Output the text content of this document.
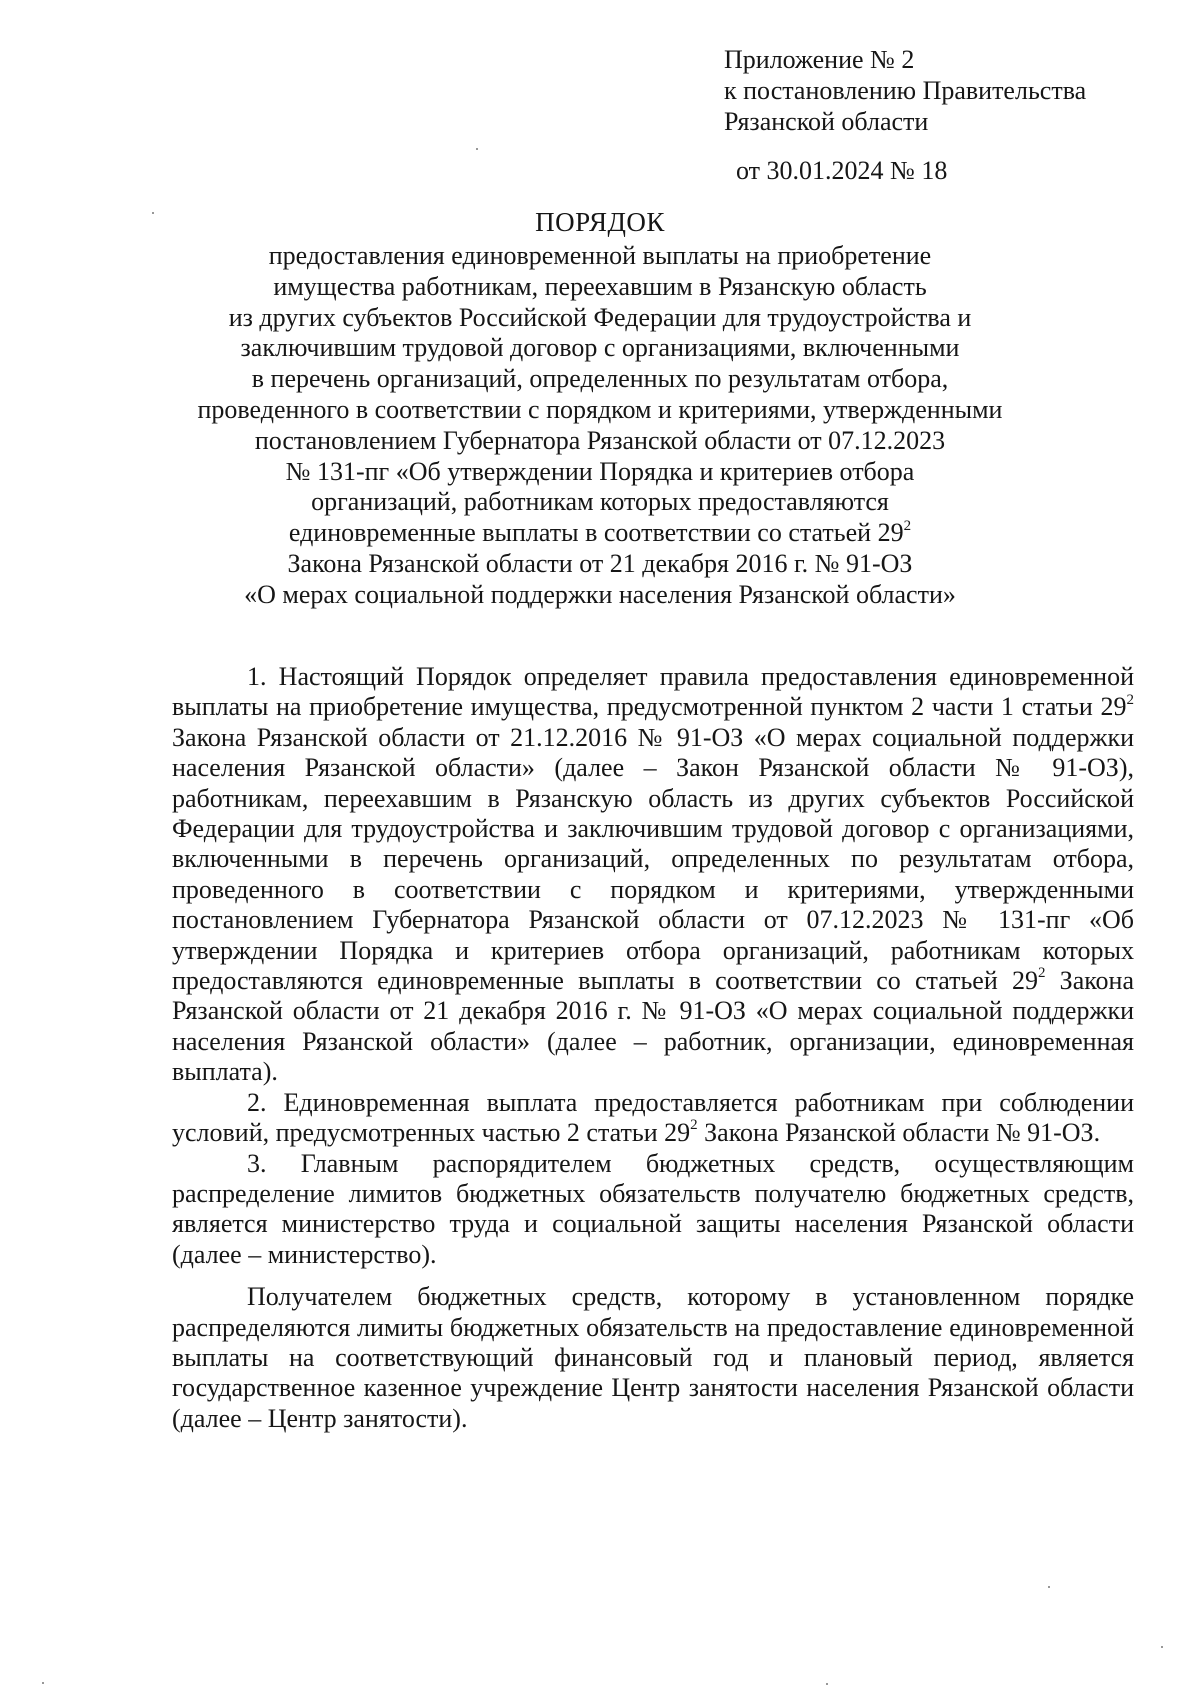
Приложение № 2
к постановлению Правительства
Рязанской области
от 30.01.2024 № 18
ПОРЯДОК
предоставления единовременной выплаты на приобретение
имущества работникам, переехавшим в Рязанскую область
из других субъектов Российской Федерации для трудоустройства и
заключившим трудовой договор с организациями, включенными
в перечень организаций, определенных по результатам отбора,
проведенного в соответствии с порядком и критериями, утвержденными
постановлением Губернатора Рязанской области от 07.12.2023
№ 131-пг «Об утверждении Порядка и критериев отбора
организаций, работникам которых предоставляются
единовременные выплаты в соответствии со статьей $29^2$
Закона Рязанской области от 21 декабря 2016 г. № 91-ОЗ
«О мерах социальной поддержки населения Рязанской области»

1. Настоящий Порядок определяет правила предоставления единовременной выплаты на приобретение имущества, предусмотренной пунктом 2 части 1 статьи $29^2$ Закона Рязанской области от 21.12.2016 № 91-ОЗ «О мерах социальной поддержки населения Рязанской области» (далее – Закон Рязанской области № 91-ОЗ), работникам, переехавшим в Рязанскую область из других субъектов Российской Федерации для трудоустройства и заключившим трудовой договор с организациями, включенными в перечень организаций, определенных по результатам отбора, проведенного в соответствии с порядком и критериями, утвержденными постановлением Губернатора Рязанской области от 07.12.2023 № 131-пг «Об утверждении Порядка и критериев отбора организаций, работникам которых предоставляются единовременные выплаты в соответствии со статьей $29^2$ Закона Рязанской области от 21 декабря 2016 г. № 91-ОЗ «О мерах социальной поддержки населения Рязанской области» (далее – работник, организации, единовременная выплата).

2. Единовременная выплата предоставляется работникам при соблюдении условий, предусмотренных частью 2 статьи $29^2$ Закона Рязанской области № 91-ОЗ.

3. Главным распорядителем бюджетных средств, осуществляющим распределение лимитов бюджетных обязательств получателю бюджетных средств, является министерство труда и социальной защиты населения Рязанской области (далее – министерство).

Получателем бюджетных средств, которому в установленном порядке распределяются лимиты бюджетных обязательств на предоставление единовременной выплаты на соответствующий финансовый год и плановый период, является государственное казенное учреждение Центр занятости населения Рязанской области (далее – Центр занятости).
